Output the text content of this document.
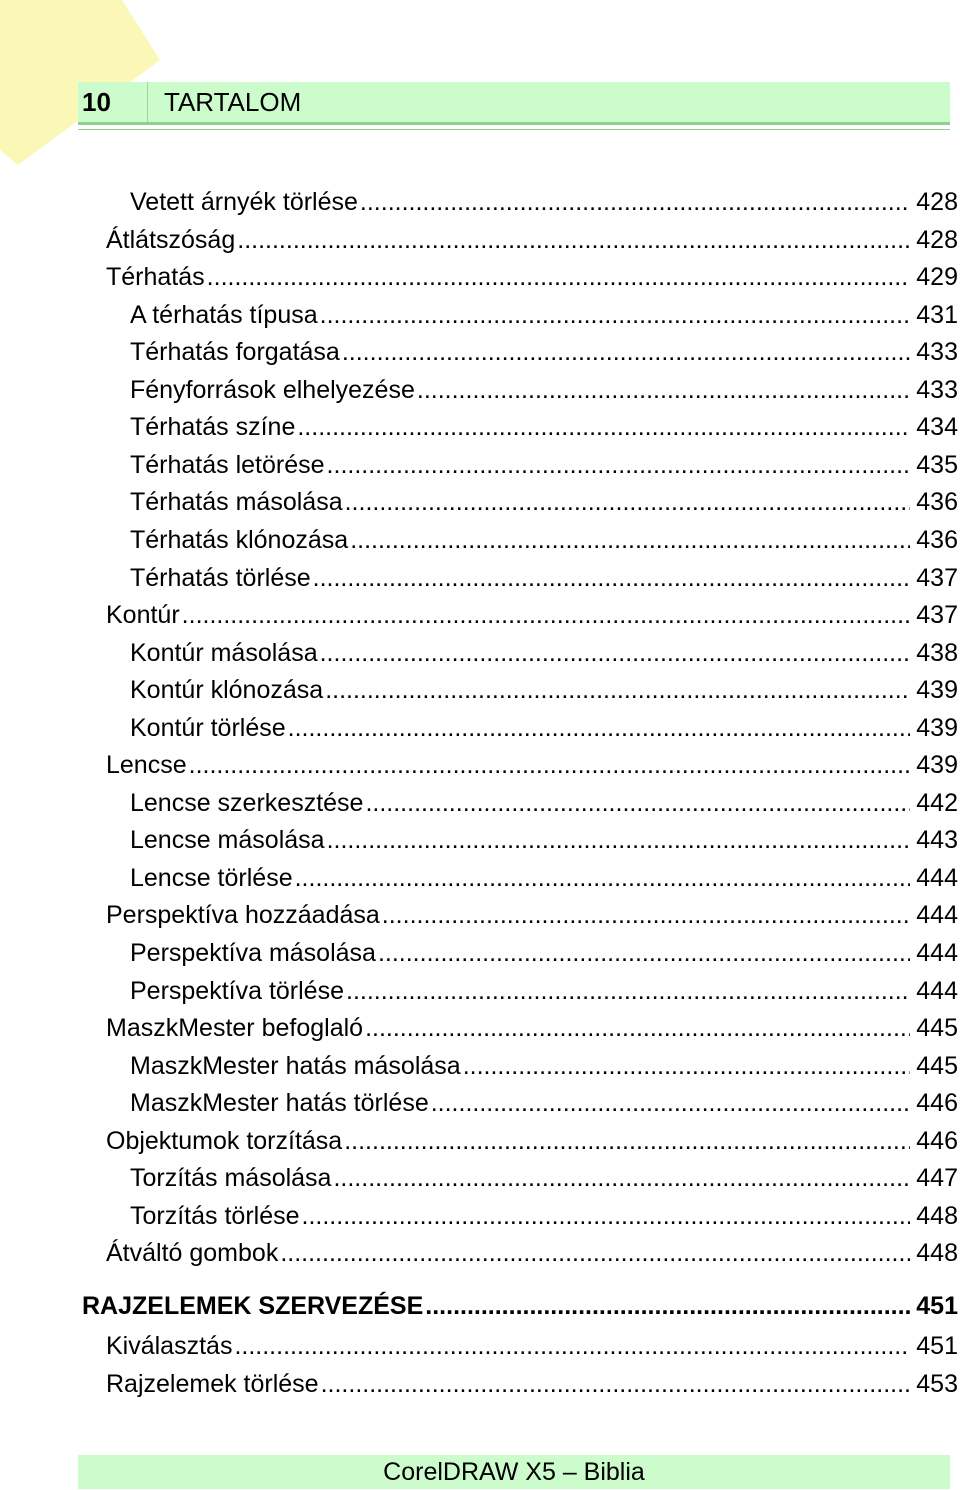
10	TARTALOM
Vetett árnyék törlése .....	428
Átlátszóság .....	428
Térhatás .....	429
A térhatás típusa .....	431
Térhatás forgatása .....	433
Fényforrások elhelyezése .....	433
Térhatás színe .....	434
Térhatás letörése .....	435
Térhatás másolása .....	436
Térhatás klónozása .....	436
Térhatás törlése .....	437
Kontúr .....	437
Kontúr másolása .....	438
Kontúr klónozása .....	439
Kontúr törlése .....	439
Lencse .....	439
Lencse szerkesztése .....	442
Lencse másolása .....	443
Lencse törlése .....	444
Perspektíva hozzáadása .....	444
Perspektíva másolása .....	444
Perspektíva törlése .....	444
MaszkMester befoglaló .....	445
MaszkMester hatás másolása .....	445
MaszkMester hatás törlése .....	446
Objektumok torzítása .....	446
Torzítás másolása .....	447
Torzítás törlése .....	448
Átváltó gombok .....	448
RAJZELEMEK SZERVEZÉSE .....	451
Kiválasztás .....	451
Rajzelemek törlése .....	453
CorelDRAW X5 – Biblia
